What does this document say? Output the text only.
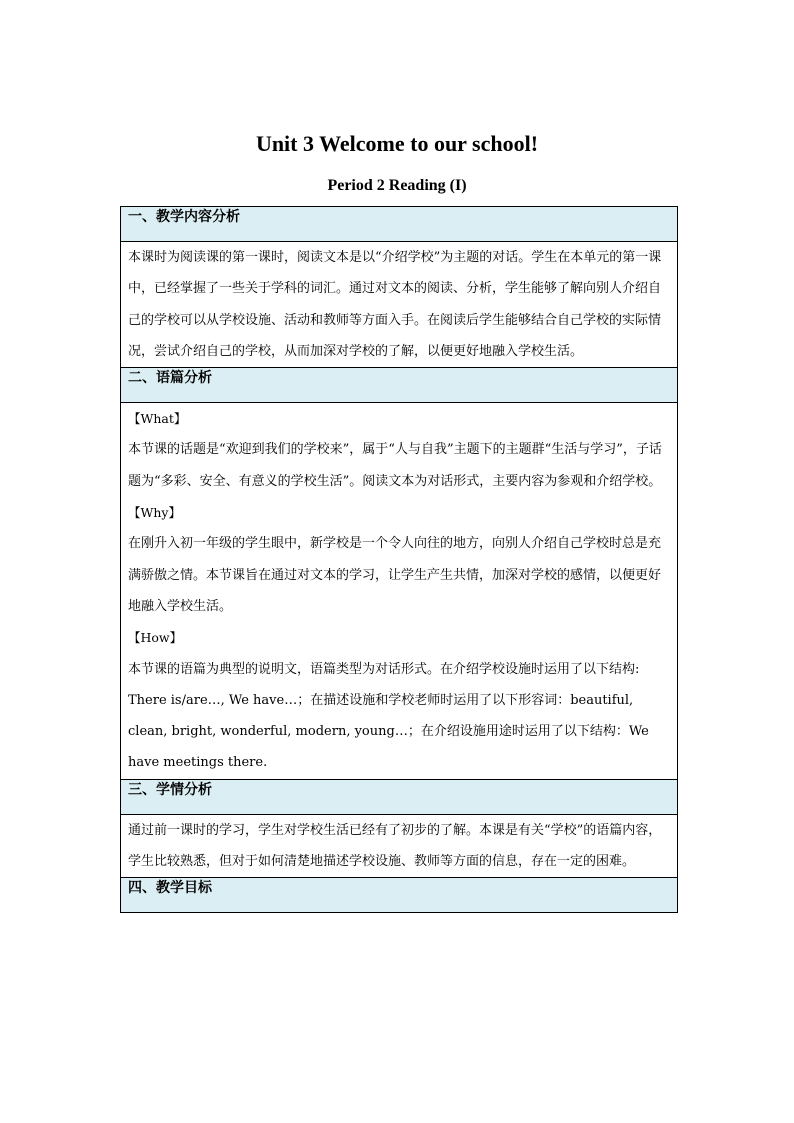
Unit 3 Welcome to our school!
Period 2 Reading (I)
一、教学内容分析

本课时为阅读课的第一课时，阅读文本是以“介绍学校”为主题的对话。学生在本单元的第一课中，已经掌握了一些关于学科的词汇。通过对文本的阅读、分析，学生能够了解向别人介绍自己的学校可以从学校设施、活动和教师等方面入手。在阅读后学生能够结合自己学校的实际情况，尝试介绍自己的学校，从而加深对学校的了解，以便更好地融入学校生活。

二、语篇分析

【What】
本节课的话题是“欢迎到我们的学校来”，属于“人与自我”主题下的主题群“生活与学习”，子话题为“多彩、安全、有意义的学校生活”。阅读文本为对话形式，主要内容为参观和介绍学校。
【Why】
在刚升入初一年级的学生眼中，新学校是一个令人向往的地方，向别人介绍自己学校时总是充满骄傲之情。本节课旨在通过对文本的学习，让学生产生共情，加深对学校的感情，以便更好地融入学校生活。
【How】
本节课的语篇为典型的说明文，语篇类型为对话形式。在介绍学校设施时运用了以下结构: There is/are…, We have…；在描述设施和学校老师时运用了以下形容词：beautiful, clean, bright, wonderful, modern, young…；在介绍设施用途时运用了以下结构：We have meetings there.

三、学情分析

通过前一课时的学习，学生对学校生活已经有了初步的了解。本课是有关“学校”的语篇内容，学生比较熟悉，但对于如何清楚地描述学校设施、教师等方面的信息，存在一定的困难。

四、教学目标
